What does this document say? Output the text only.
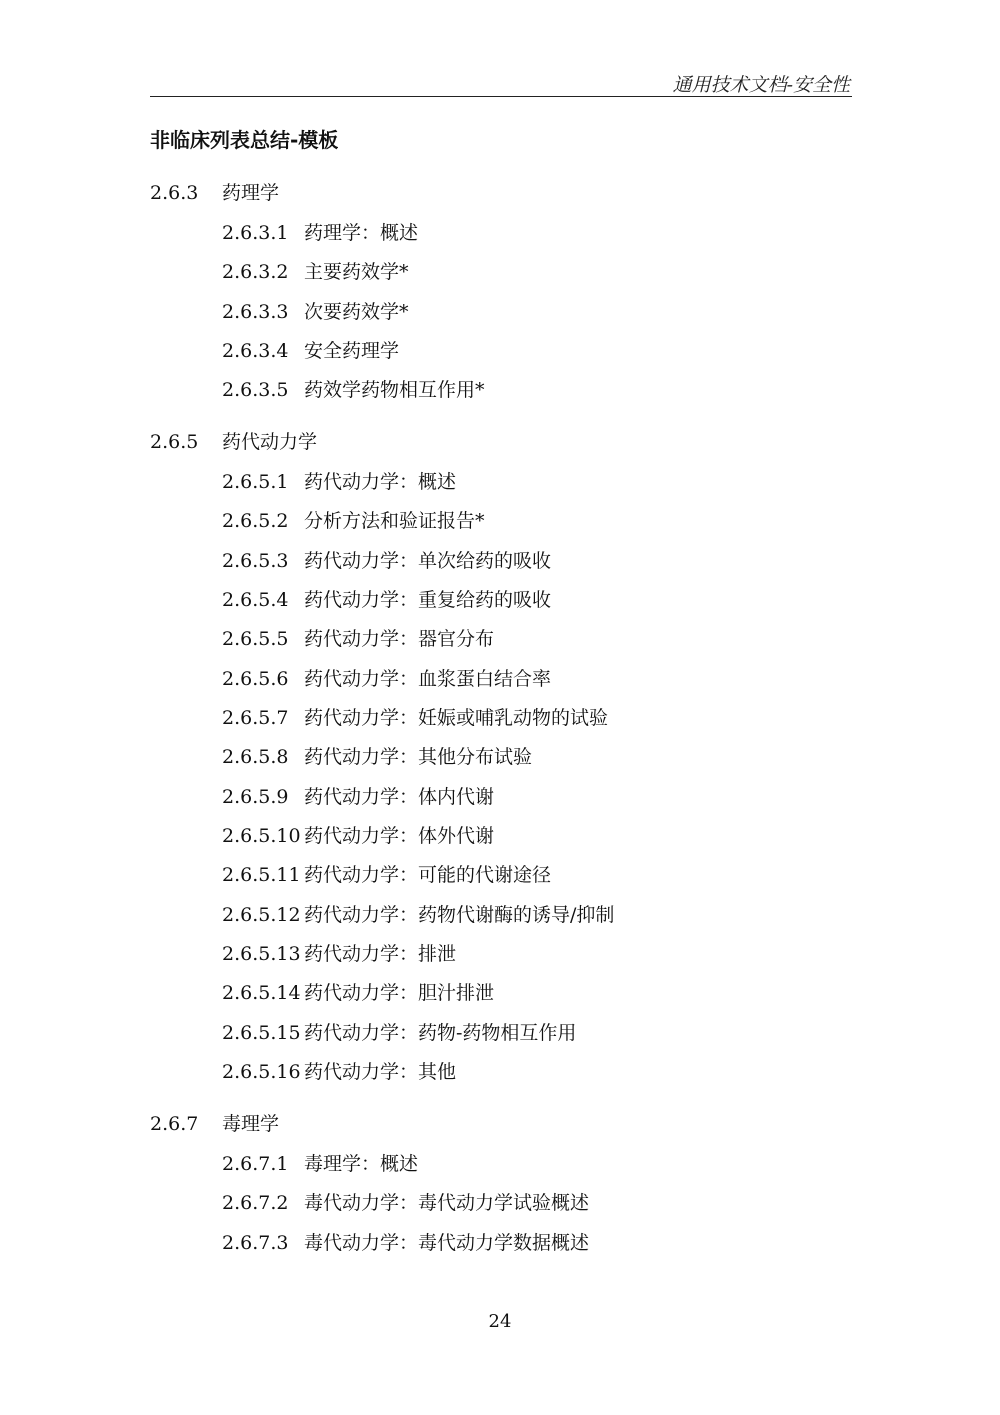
通用技术文档-安全性
非临床列表总结-模板
2.6.3 药理学
2.6.3.1 药理学：概述
2.6.3.2 主要药效学*
2.6.3.3 次要药效学*
2.6.3.4 安全药理学
2.6.3.5 药效学药物相互作用*
2.6.5 药代动力学
2.6.5.1 药代动力学：概述
2.6.5.2 分析方法和验证报告*
2.6.5.3 药代动力学：单次给药的吸收
2.6.5.4 药代动力学：重复给药的吸收
2.6.5.5 药代动力学：器官分布
2.6.5.6 药代动力学：血浆蛋白结合率
2.6.5.7 药代动力学：妊娠或哺乳动物的试验
2.6.5.8 药代动力学：其他分布试验
2.6.5.9 药代动力学：体内代谢
2.6.5.10 药代动力学：体外代谢
2.6.5.11 药代动力学：可能的代谢途径
2.6.5.12 药代动力学：药物代谢酶的诱导/抑制
2.6.5.13 药代动力学：排泄
2.6.5.14 药代动力学：胆汁排泄
2.6.5.15 药代动力学：药物-药物相互作用
2.6.5.16 药代动力学：其他
2.6.7 毒理学
2.6.7.1 毒理学：概述
2.6.7.2 毒代动力学：毒代动力学试验概述
2.6.7.3 毒代动力学：毒代动力学数据概述
24
